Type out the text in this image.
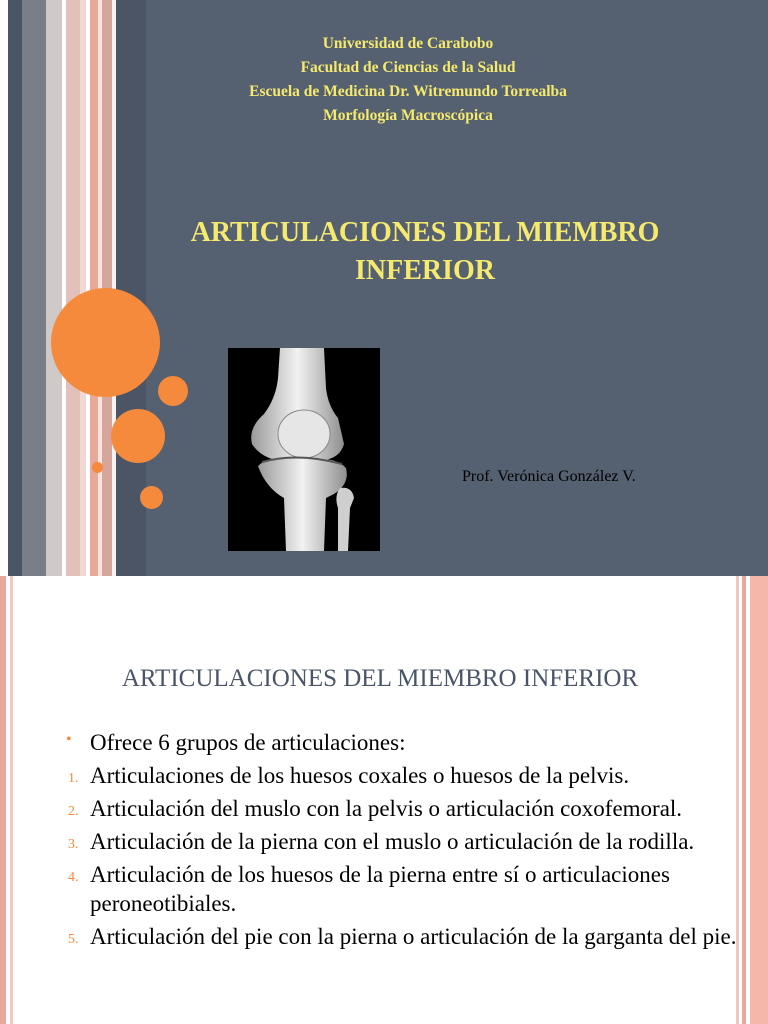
Universidad de Carabobo
Facultad de Ciencias de la Salud
Escuela de Medicina Dr. Witremundo Torrealba
Morfología Macroscópica
ARTICULACIONES DEL MIEMBRO
INFERIOR
Prof. Verónica González V.
ARTICULACIONES DEL MIEMBRO INFERIOR
• Ofrece 6 grupos de articulaciones:
1. Articulaciones de los huesos coxales o huesos de la pelvis.
2. Articulación del muslo con la pelvis o articulación coxofemoral.
3. Articulación de la pierna con el muslo o articulación de la rodilla.
4. Articulación de los huesos de la pierna entre sí o articulaciones peroneotibiales.
5. Articulación del pie con la pierna o articulación de la garganta del pie.
